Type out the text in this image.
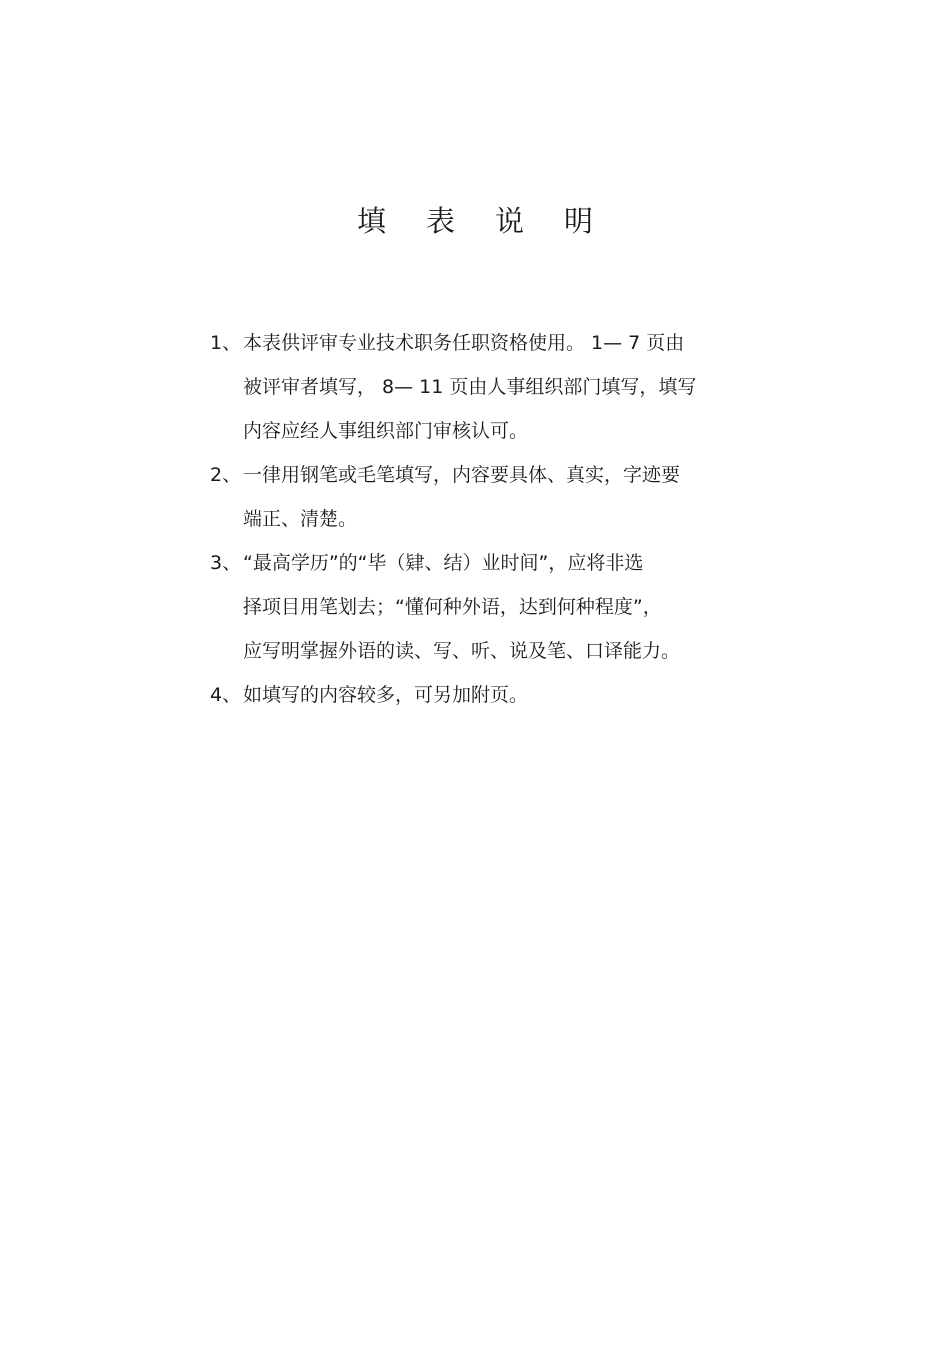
填 表 说 明
1、 本表供评审专业技术职务任职资格使用。 1— 7 页由
被评审者填写， 8— 11 页由人事组织部门填写，填写
内容应经人事组织部门审核认可。
2、 一律用钢笔或毛笔填写，内容要具体、真实，字迹要
端正、清楚。
3、 “最高学历”的“毕（肄、结）业时间”，应将非选
择项目用笔划去；“懂何种外语，达到何种程度”，
应写明掌握外语的读、写、听、说及笔、口译能力。
4、 如填写的内容较多，可另加附页。
